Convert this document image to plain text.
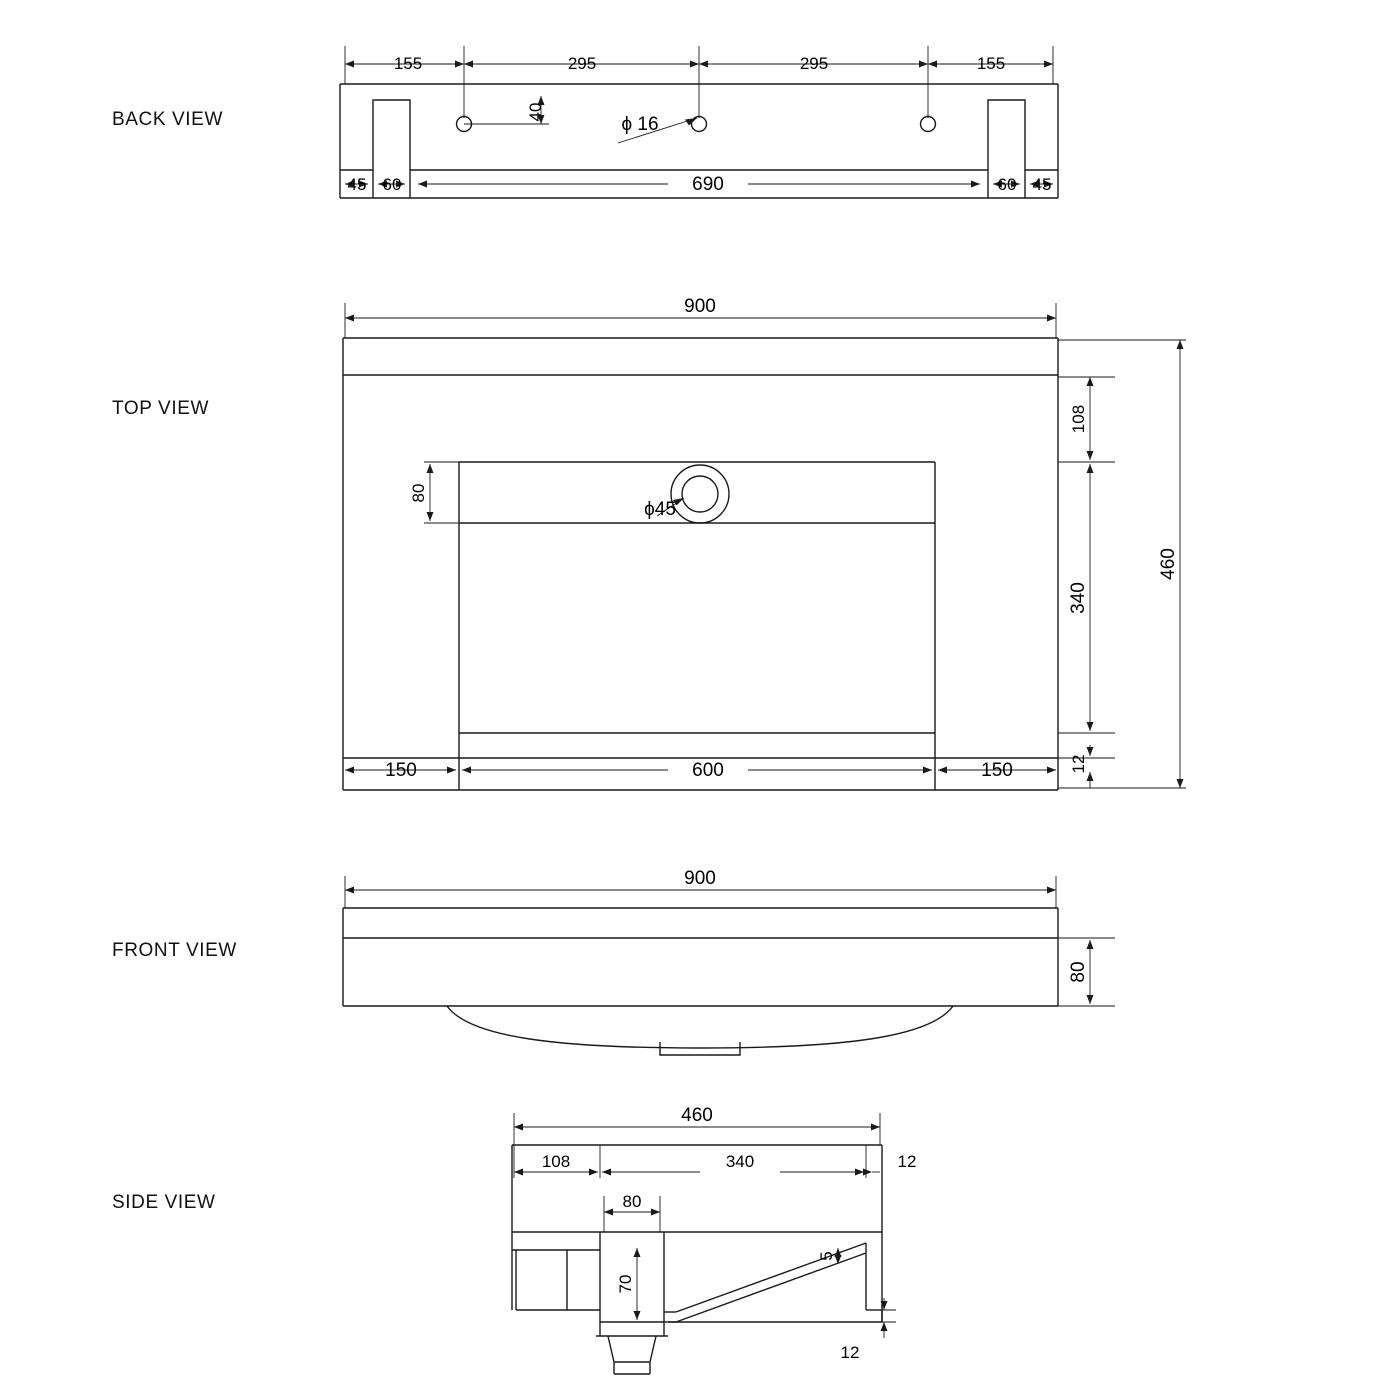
BACK VIEW
TOP VIEW
FRONT VIEW
SIDE VIEW
155	295	295	155
40
ϕ 16
45 60	690	60 45
900
460
108
340
12
80
ϕ45
150	600	150
900
80
460
108	340	12
80
70
5
12
